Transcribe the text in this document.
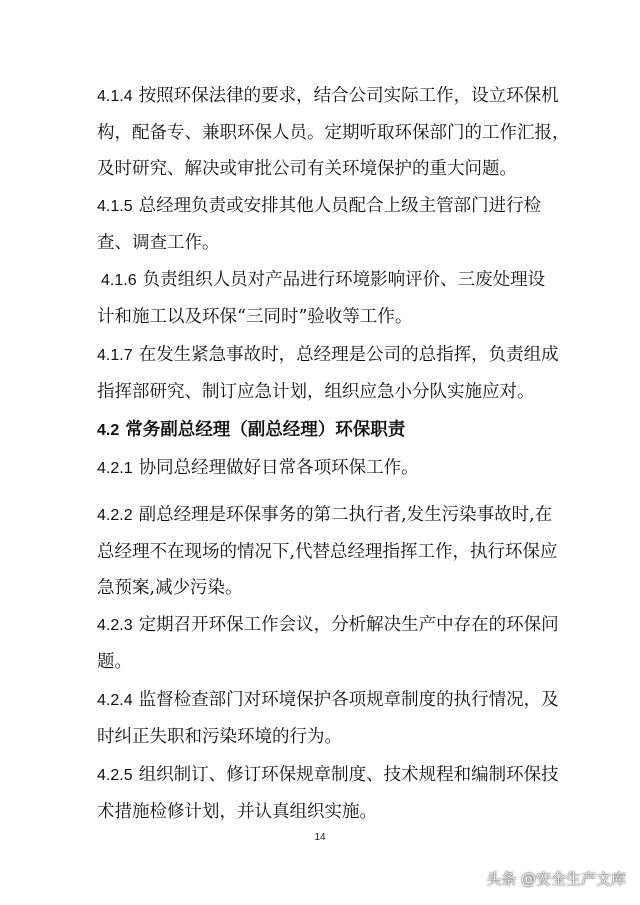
4.1.4 按照环保法律的要求，结合公司实际工作，设立环保机
构，配备专、兼职环保人员。定期听取环保部门的工作汇报，
及时研究、解决或审批公司有关环境保护的重大问题。

4.1.5 总经理负责或安排其他人员配合上级主管部门进行检
查、调查工作。

4.1.6 负责组织人员对产品进行环境影响评价、三废处理设
计和施工以及环保“三同时”验收等工作。

4.1.7 在发生紧急事故时，总经理是公司的总指挥，负责组成
指挥部研究、制订应急计划，组织应急小分队实施应对。

4.2 常务副总经理（副总经理）环保职责

4.2.1 协同总经理做好日常各项环保工作。

4.2.2 副总经理是环保事务的第二执行者,发生污染事故时,在
总经理不在现场的情况下,代替总经理指挥工作，执行环保应
急预案,减少污染。

4.2.3 定期召开环保工作会议，分析解决生产中存在的环保问
题。

4.2.4 监督检查部门对环境保护各项规章制度的执行情况，及
时纠正失职和污染环境的行为。

4.2.5 组织制订、修订环保规章制度、技术规程和编制环保技
术措施检修计划，并认真组织实施。

14
头条 @安全生产文库
